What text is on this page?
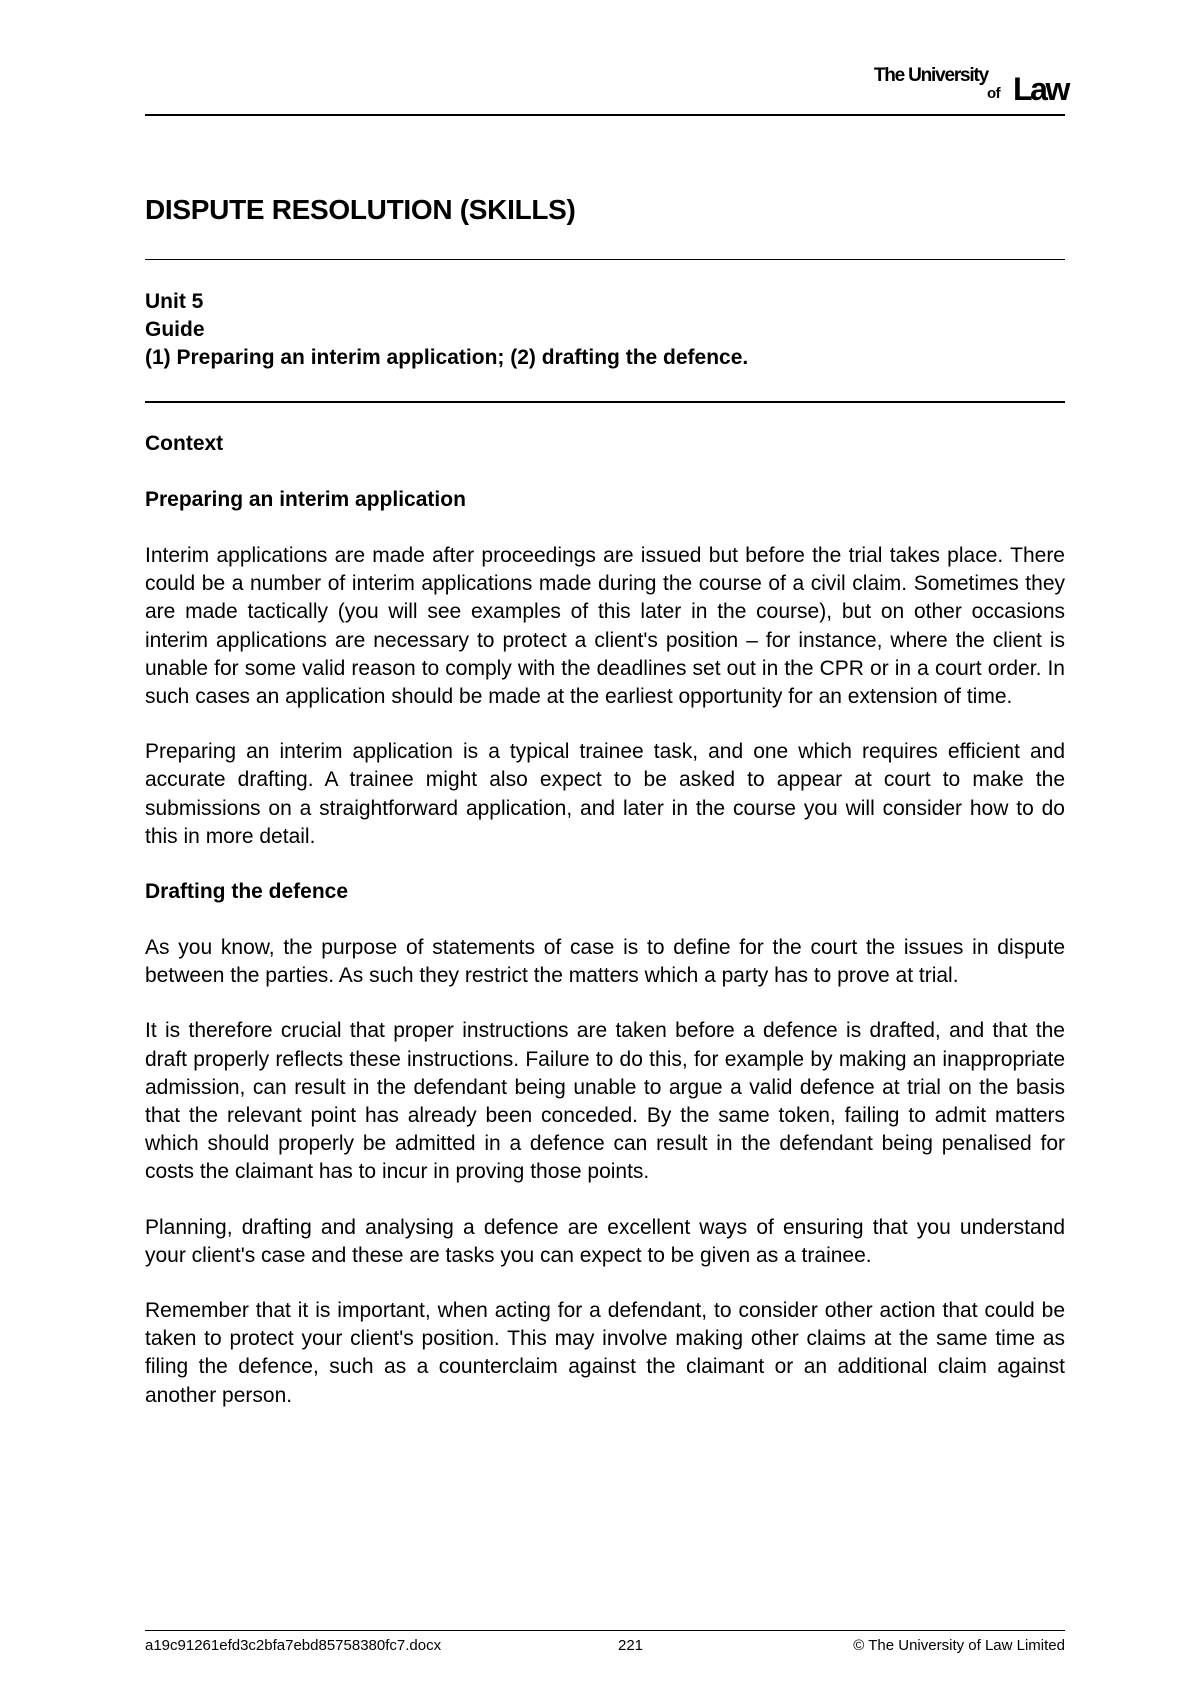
The University
of Law
DISPUTE RESOLUTION (SKILLS)
Unit 5
Guide
(1) Preparing an interim application; (2) drafting the defence.
Context
Preparing an interim application

Interim applications are made after proceedings are issued but before the trial takes place. There could be a number of interim applications made during the course of a civil claim. Sometimes they are made tactically (you will see examples of this later in the course), but on other occasions interim applications are necessary to protect a client's position – for instance, where the client is unable for some valid reason to comply with the deadlines set out in the CPR or in a court order. In such cases an application should be made at the earliest opportunity for an extension of time.

Preparing an interim application is a typical trainee task, and one which requires efficient and accurate drafting. A trainee might also expect to be asked to appear at court to make the submissions on a straightforward application, and later in the course you will consider how to do this in more detail.

Drafting the defence

As you know, the purpose of statements of case is to define for the court the issues in dispute between the parties. As such they restrict the matters which a party has to prove at trial.

It is therefore crucial that proper instructions are taken before a defence is drafted, and that the draft properly reflects these instructions. Failure to do this, for example by making an inappropriate admission, can result in the defendant being unable to argue a valid defence at trial on the basis that the relevant point has already been conceded. By the same token, failing to admit matters which should properly be admitted in a defence can result in the defendant being penalised for costs the claimant has to incur in proving those points.

Planning, drafting and analysing a defence are excellent ways of ensuring that you understand your client's case and these are tasks you can expect to be given as a trainee.

Remember that it is important, when acting for a defendant, to consider other action that could be taken to protect your client's position. This may involve making other claims at the same time as filing the defence, such as a counterclaim against the claimant or an additional claim against another person.

a19c91261efd3c2bfa7ebd85758380fc7.docx	221	© The University of Law Limited
